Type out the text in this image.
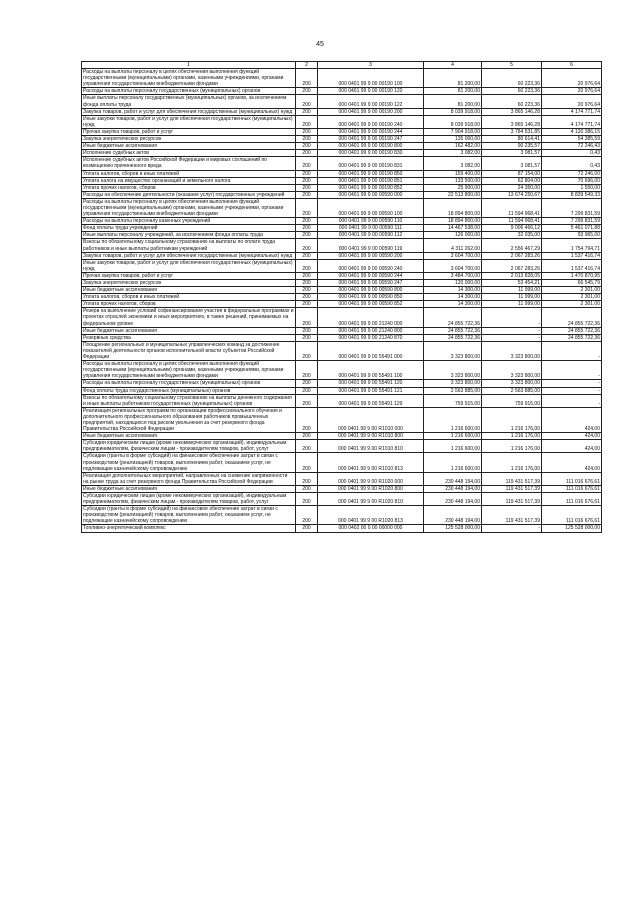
45
1	2	3	4	5	6
Расходы на выплаты персоналу в целях обеспечения выполнения функций государственными (муниципальными) органами, казенными учреждениями, органами управления государственными внебюджетными фондами	200	000 0401 99 9 00 00190 100	81 200,00	60 223,36	20 976,64
Расходы на выплаты персоналу государственных (муниципальных) органов	200	000 0401 99 9 00 00190 120	81 200,00	60 223,36	20 976,64
Иные выплаты персоналу государственных (муниципальных) органов, за исключением фонда оплаты труда	200	000 0401 99 9 00 00190 122	81 200,00	60 223,36	20 976,64
Закупка товаров, работ и услуг для обеспечения государственных (муниципальных) нужд	200	000 0401 99 9 00 00190 200	8 039 918,00	3 865 146,28	4 174 771,74
Иные закупки товаров, работ и услуг для обеспечения государственных (муниципальных) нужд	200	000 0401 99 9 00 00190 240	8 039 918,00	3 865 146,28	4 174 771,74
Прочая закупка товаров, работ и услуг	200	000 0401 99 9 00 00190 244	7 904 918,00	3 784 531,85	4 120 386,15
Закупка энергетических ресурсов	200	000 0401 99 9 00 00190 247	135 000,00	80 614,41	54 385,59
Иные бюджетные ассигнования	200	000 0401 99 9 00 00190 800	162 482,00	90 235,57	72 246,43
Исполнение судебных актов	200	000 0401 99 9 00 00190 830	3 082,00	3 081,57	0,43
Исполнение судебных актов Российской Федерации и мировых соглашений по возмещению причиненного вреда	200	000 0401 99 9 00 00190 831	3 082,00	3 081,57	0,43
Уплата налогов, сборов и иных платежей	200	000 0401 99 9 00 00190 850	159 400,00	87 154,00	72 246,00
Уплата налога на имущество организаций и земельного налога	200	000 0401 99 9 00 00190 851	133 500,00	62 804,00	70 696,00
Уплата прочих налогов, сборов	200	000 0401 99 9 00 00190 852	25 900,00	24 350,00	1 550,00
Расходы на обеспечение деятельности (оказание услуг) государственных учреждений	200	000 0401 99 9 00 00590 000	22 513 800,00	13 674 250,67	8 839 549,33
Расходы на выплаты персоналу в целях обеспечения выполнения функций государственными (муниципальными) органами, казенными учреждениями, органами управления государственными внебюджетными фондами	200	000 0401 99 9 00 00590 100	18 894 800,00	11 594 968,41	7 299 831,59
Расходы на выплаты персоналу казенных учреждений	200	000 0401 99 9 00 00590 110	18 894 800,00	11 594 968,41	7 299 831,59
Фонд оплаты труда учреждений	200	000 0401 99 9 00 00590 111	14 467 538,00	9 006 466,12	5 461 071,88
Иные выплаты персоналу учреждений, за исключением фонда оплаты труда	200	000 0401 99 9 00 00590 112	126 000,00	32 035,00	93 965,00
Взносы по обязательному социальному страхованию на выплаты по оплате труда работников и иные выплаты работникам учреждений	200	000 0401 99 9 00 00590 119	4 311 262,00	2 556 467,29	1 754 794,71
Закупка товаров, работ и услуг для обеспечения государственных (муниципальных) нужд	200	000 0401 99 9 00 00590 200	3 604 700,00	2 067 283,26	1 537 416,74
Иные закупки товаров, работ и услуг для обеспечения государственных (муниципальных) нужд	200	000 0401 99 9 00 00590 240	3 604 700,00	2 067 283,26	1 537 416,74
Прочая закупка товаров, работ и услуг	200	000 0401 99 9 00 00590 244	3 484 700,00	2 013 828,05	1 470 870,95
Закупка энергетических ресурсов	200	000 0401 99 9 00 00590 247	120 000,00	53 454,21	66 545,79
Иные бюджетные ассигнования	200	000 0401 99 9 00 00590 800	14 300,00	11 999,00	2 301,00
Уплата налогов, сборов и иных платежей	200	000 0401 99 9 00 00590 850	14 300,00	11 999,00	2 301,00
Уплата прочих налогов, сборов	200	000 0401 99 9 00 00590 852	14 300,00	11 999,00	2 301,00
Резерв на выполнение условий софинансирования участия в федеральных программах и проектах отраслей экономики и иных мероприятиях, в также решений, принимаемых на федеральном уровне	200	000 0401 99 9 00 21240 000	24 855 722,36	-	24 855 722,36
Иные бюджетные ассигнования	200	000 0401 99 9 00 21240 800	24 855 722,36	-	24 855 722,36
Резервные средства	200	000 0401 99 9 00 21240 870	24 855 722,36	-	24 855 722,36
Поощрение региональных и муниципальных управленческих команд за достижение показателей деятельности органов исполнительной власти субъектов Российской Федерации	200	000 0401 99 9 00 55491 000	3 323 800,00	3 323 800,00	-
Расходы на выплаты персоналу в целях обеспечения выполнения функций государственными (муниципальными) органами, казенными учреждениями, органами управления государственными внебюджетными фондами	200	000 0401 99 9 00 55491 100	3 323 800,00	3 323 800,00	-
Расходы на выплаты персоналу государственных (муниципальных) органов	200	000 0401 99 9 00 55491 120	3 323 800,00	3 323 800,00	-
Фонд оплаты труда государственных (муниципальных) органов	200	000 0401 99 9 00 55491 121	2 563 885,00	2 563 885,00	-
Взносы по обязательному социальному страхованию на выплаты денежного содержания и иные выплаты работникам государственных (муниципальных) органов	200	000 0401 99 9 00 55491 129	759 915,00	759 915,00	-
Реализация региональных программ по организации профессионального обучения и дополнительного профессионального образования работников промышленных предприятий, находящихся под риском увольнения за счет резервного фонда Правительства Российской Федерации	200	000 0401 99 9 00 R1010 000	1 216 600,00	1 216 176,00	424,00
Иные бюджетные ассигнования	200	000 0401 99 9 00 R1010 800	1 216 600,00	1 216 176,00	424,00
Субсидии юридическим лицам (кроме некоммерческих организаций), индивидуальным предпринимателям, физическим лицам - производителям товаров, работ, услуг	200	000 0401 99 9 00 R1010 810	1 216 600,00	1 216 176,00	424,00
Субсидии (гранты в форме субсидий) на финансовое обеспечение затрат в связи с производством (реализацией) товаров, выполнением работ, оказанием услуг, не подлежащие казначейскому сопровождению	200	000 0401 99 9 00 R1010 813	1 216 600,00	1 216 176,00	424,00
Реализация дополнительных мероприятий, направленных на снижение напряженности на рынке труда за счет резервного фонда Правительства Российской Федерации	200	000 0401 99 9 00 R1020 000	230 448 194,00	119 431 517,39	111 016 676,61
Иные бюджетные ассигнования	200	000 0401 99 9 00 R1020 800	230 448 194,00	119 431 517,39	111 016 676,61
Субсидии юридическим лицам (кроме некоммерческих организаций), индивидуальным предпринимателям, физическим лицам - производителям товаров, работ, услуг	200	000 0401 99 9 00 R1020 810	230 448 194,00	119 431 517,39	111 016 676,61
Субсидии (гранты в форме субсидий) на финансовое обеспечение затрат в связи с производством (реализацией) товаров, выполнением работ, оказанием услуг, не подлежащие казначейскому сопровождению	200	000 0401 99 9 00 R1020 813	230 448 194,00	119 431 517,39	111 016 676,61
Топливно-энергетический комплекс	200	000 0402 00 0 00 00000 000	125 528 000,00	-	125 528 000,00
